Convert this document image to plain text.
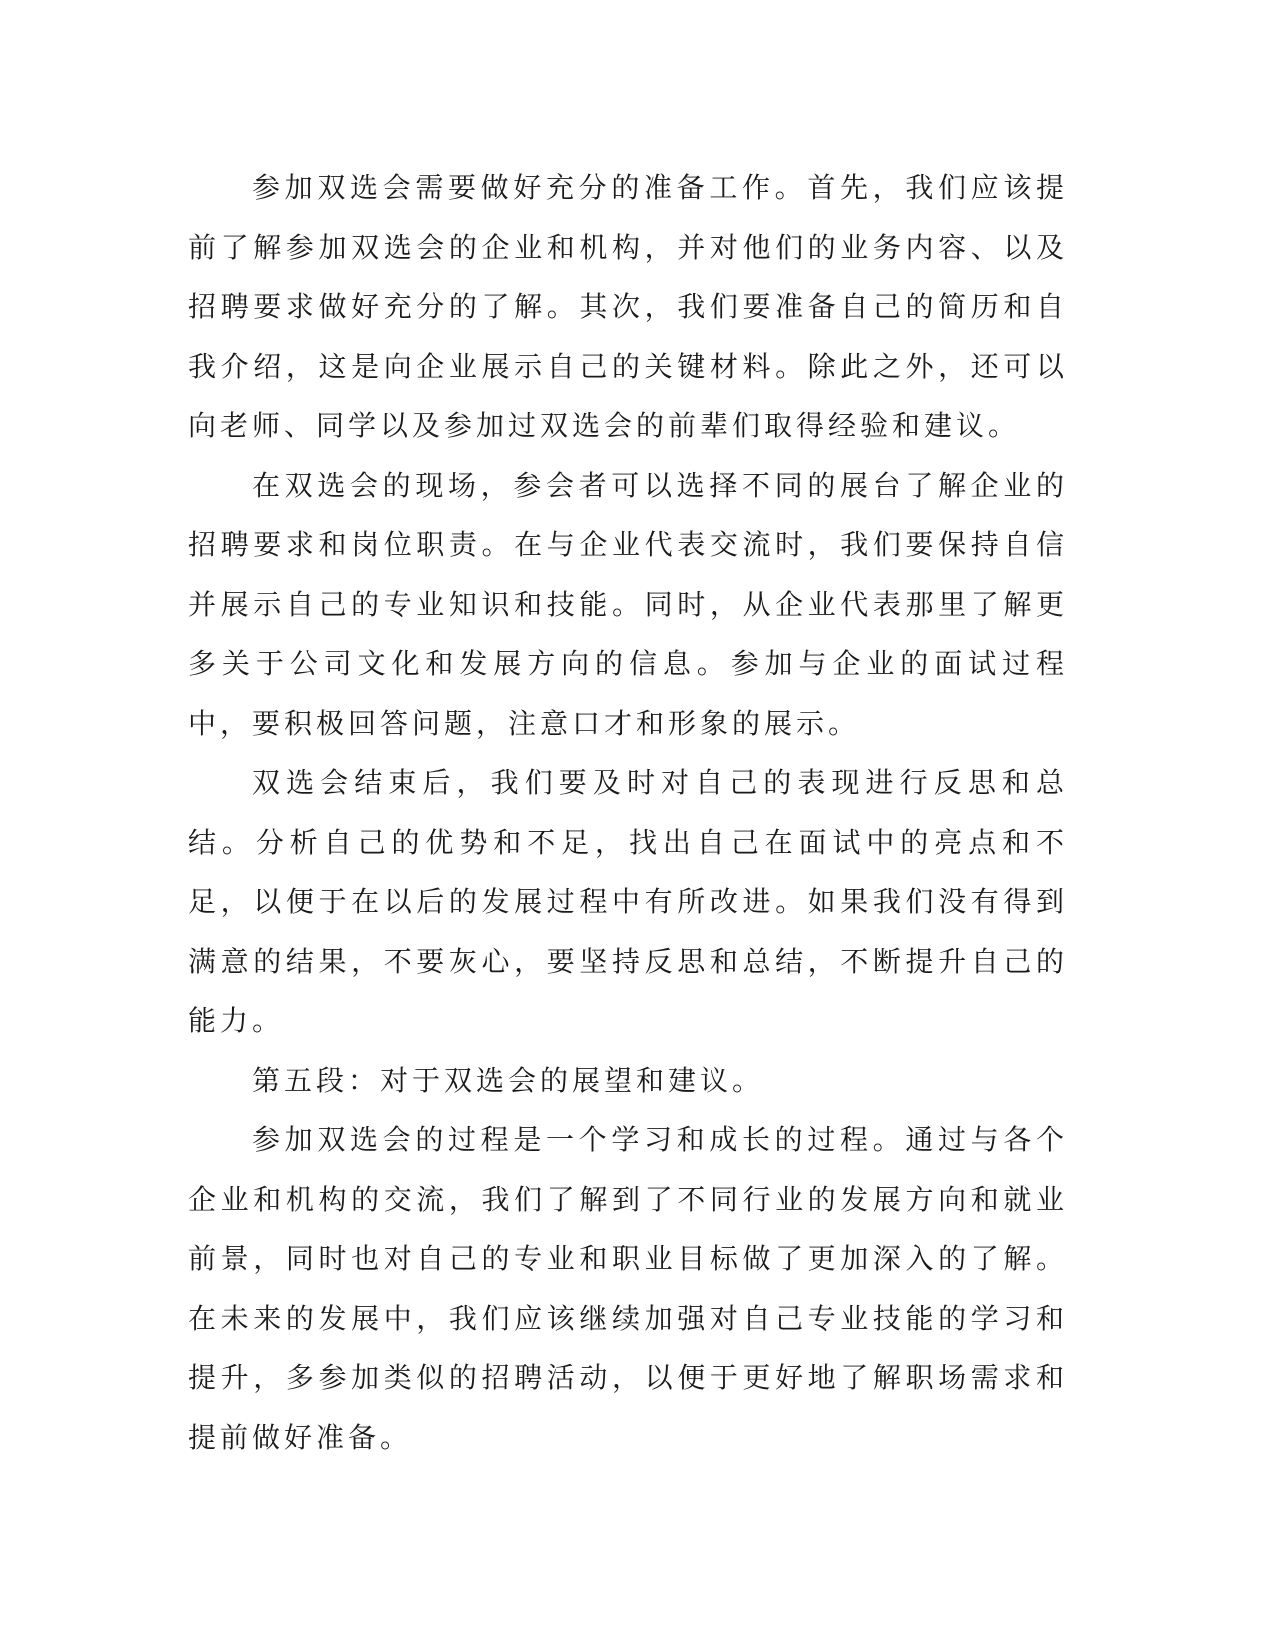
参加双选会需要做好充分的准备工作。首先，我们应该提前了解参加双选会的企业和机构，并对他们的业务内容、以及招聘要求做好充分的了解。其次，我们要准备自己的简历和自我介绍，这是向企业展示自己的关键材料。除此之外，还可以向老师、同学以及参加过双选会的前辈们取得经验和建议。

在双选会的现场，参会者可以选择不同的展台了解企业的招聘要求和岗位职责。在与企业代表交流时，我们要保持自信并展示自己的专业知识和技能。同时，从企业代表那里了解更多关于公司文化和发展方向的信息。参加与企业的面试过程中，要积极回答问题，注意口才和形象的展示。

双选会结束后，我们要及时对自己的表现进行反思和总结。分析自己的优势和不足，找出自己在面试中的亮点和不足，以便于在以后的发展过程中有所改进。如果我们没有得到满意的结果，不要灰心，要坚持反思和总结，不断提升自己的能力。

第五段：对于双选会的展望和建议。

参加双选会的过程是一个学习和成长的过程。通过与各个企业和机构的交流，我们了解到了不同行业的发展方向和就业前景，同时也对自己的专业和职业目标做了更加深入的了解。在未来的发展中，我们应该继续加强对自己专业技能的学习和提升，多参加类似的招聘活动，以便于更好地了解职场需求和提前做好准备。
